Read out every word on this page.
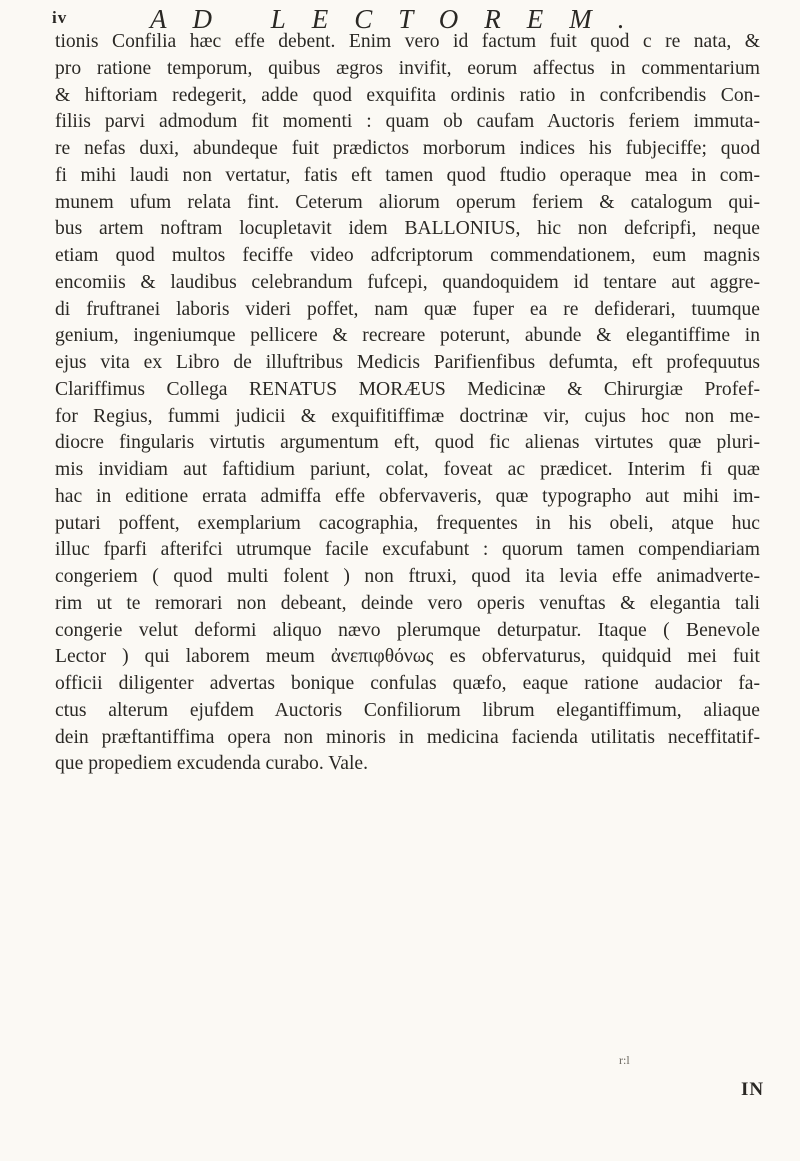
iv	AD LECTOREM.
tionis Confilia hæc effe debent. Enim vero id factum fuit quod c re nata, &
pro ratione temporum, quibus ægros invifit, eorum affectus in commentarium
& hiftoriam redegerit, adde quod exquifita ordinis ratio in confcribendis Con-
filiis parvi admodum fit momenti : quam ob caufam Auctoris feriem immuta-
re nefas duxi, abundeque fuit prædictos morborum indices his fubjeciffe; quod
fi mihi laudi non vertatur, fatis eft tamen quod ftudio operaque mea in com-
munem ufum relata fint. Ceterum aliorum operum feriem & catalogum qui-
bus artem noftram locupletavit idem BALLONIUS, hic non defcripfi, neque
etiam quod multos feciffe video adfcriptorum commendationem, eum magnis
encomiis & laudibus celebrandum fufcepi, quandoquidem id tentare aut aggre-
di fruftranei laboris videri poffet, nam quæ fuper ea re defiderari, tuumque
genium, ingeniumque pellicere & recreare poterunt, abunde & elegantiffime in
ejus vita ex Libro de illuftribus Medicis Parifienfibus defumta, eft profequutus
Clariffimus Collega RENATUS MORÆUS Medicinæ & Chirurgiæ Profef-
for Regius, fummi judicii & exquifitiffimæ doctrinæ vir, cujus hoc non me-
diocre fingularis virtutis argumentum eft, quod fic alienas virtutes quæ pluri-
mis invidiam aut faftidium pariunt, colat, foveat ac prædicet. Interim fi quæ
hac in editione errata admiffa effe obfervaveris, quæ typographo aut mihi im-
putari poffent, exemplarium cacographia, frequentes in his obeli, atque huc
illuc fparfi afterifci utrumque facile excufabunt : quorum tamen compendiariam
congeriem ( quod multi folent ) non ftruxi, quod ita levia effe animadverte-
rim ut te remorari non debeant, deinde vero operis venuftas & elegantia tali
congerie velut deformi aliquo nævo plerumque deturpatur. Itaque ( Benevole
Lector ) qui laborem meum ἀνεπιφθόνως es obfervaturus, quidquid mei fuit
officii diligenter advertas bonique confulas quæfo, eaque ratione audacior fa-
ctus alterum ejufdem Auctoris Confiliorum librum elegantiffimum, aliaque
dein præftantiffima opera non minoris in medicina facienda utilitatis neceffitatif-
que propediem excudenda curabo. Vale.
r:l
IN
